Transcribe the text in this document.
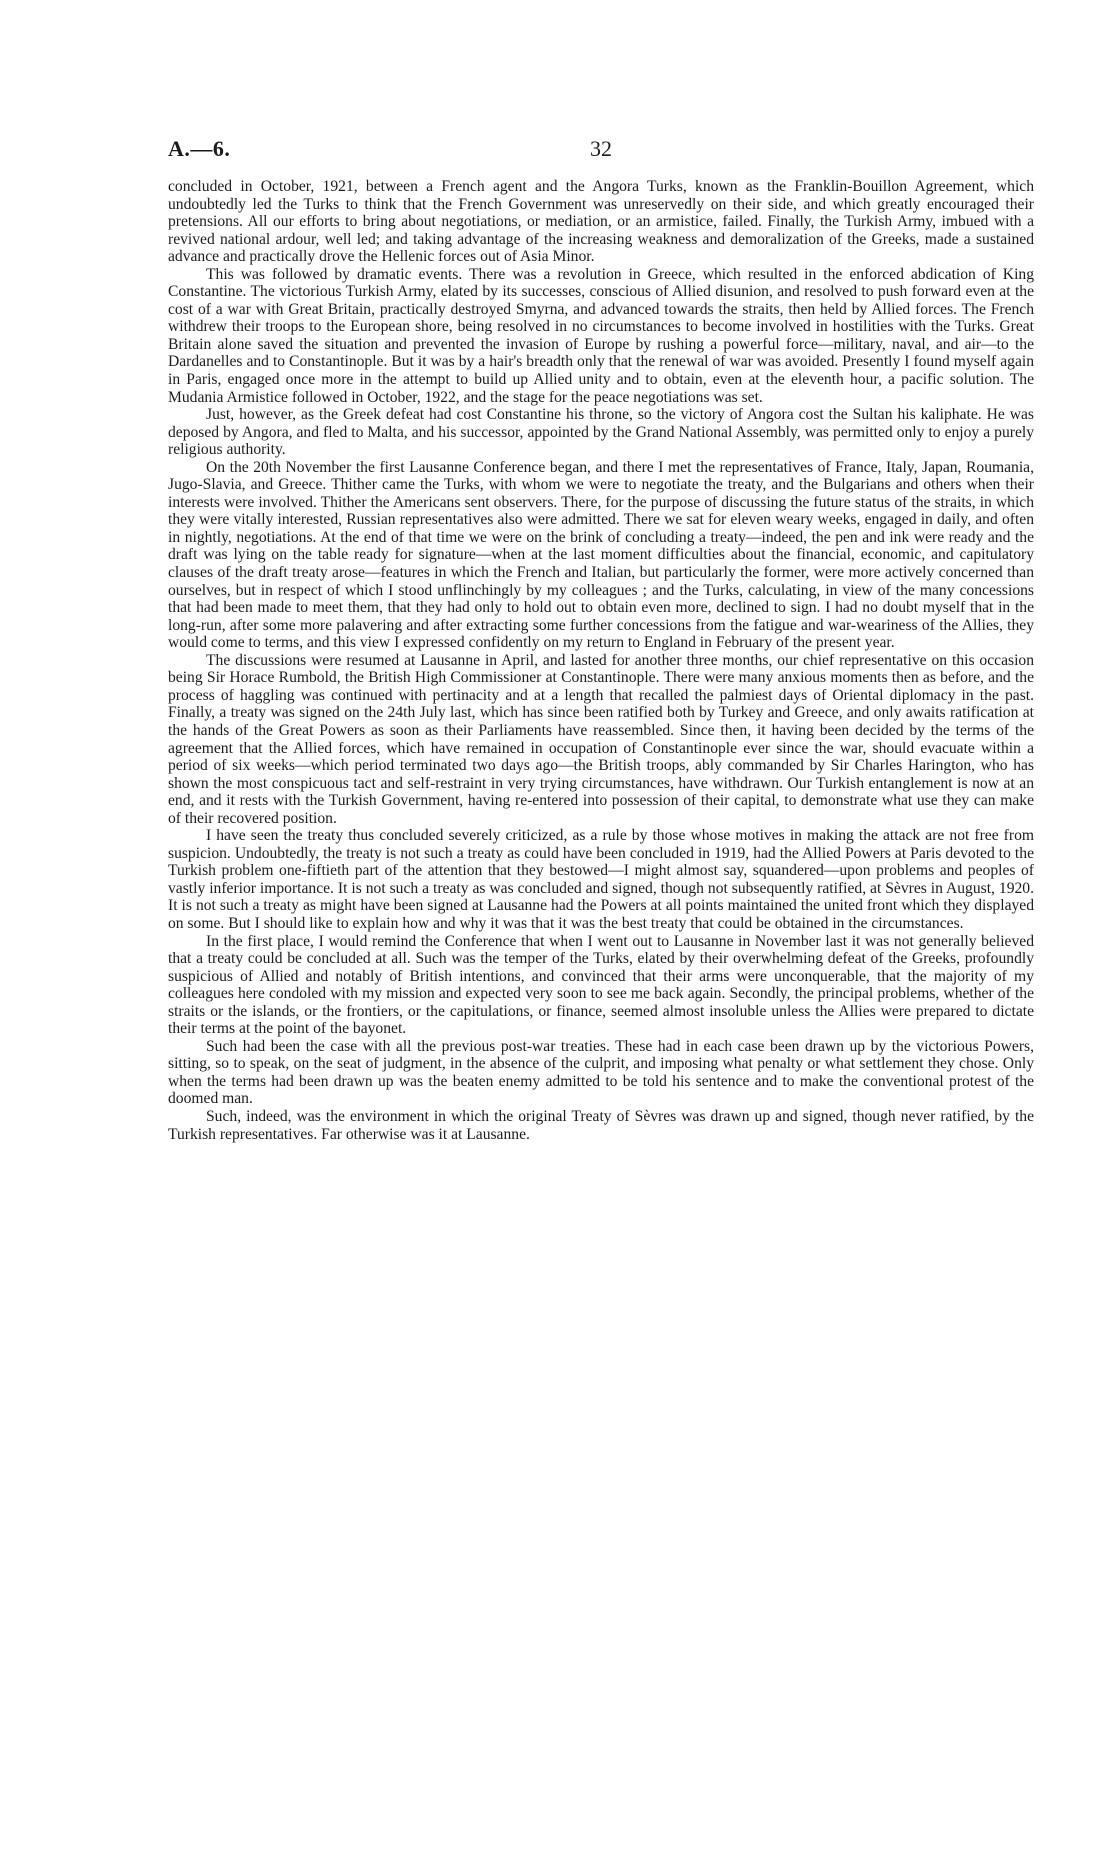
A.—6.	32

concluded in October, 1921, between a French agent and the Angora Turks, known as the Franklin-Bouillon Agreement, which undoubtedly led the Turks to think that the French Government was unreservedly on their side, and which greatly encouraged their pretensions. All our efforts to bring about negotiations, or mediation, or an armistice, failed. Finally, the Turkish Army, imbued with a revived national ardour, well led; and taking advantage of the increasing weakness and demoralization of the Greeks, made a sustained advance and practically drove the Hellenic forces out of Asia Minor.

This was followed by dramatic events. There was a revolution in Greece, which resulted in the enforced abdication of King Constantine. The victorious Turkish Army, elated by its successes, conscious of Allied disunion, and resolved to push forward even at the cost of a war with Great Britain, practically destroyed Smyrna, and advanced towards the straits, then held by Allied forces. The French withdrew their troops to the European shore, being resolved in no circumstances to become involved in hostilities with the Turks. Great Britain alone saved the situation and prevented the invasion of Europe by rushing a powerful force—military, naval, and air—to the Dardanelles and to Constantinople. But it was by a hair's breadth only that the renewal of war was avoided. Presently I found myself again in Paris, engaged once more in the attempt to build up Allied unity and to obtain, even at the eleventh hour, a pacific solution. The Mudania Armistice followed in October, 1922, and the stage for the peace negotiations was set.

Just, however, as the Greek defeat had cost Constantine his throne, so the victory of Angora cost the Sultan his kaliphate. He was deposed by Angora, and fled to Malta, and his successor, appointed by the Grand National Assembly, was permitted only to enjoy a purely religious authority.

On the 20th November the first Lausanne Conference began, and there I met the representatives of France, Italy, Japan, Roumania, Jugo-Slavia, and Greece. Thither came the Turks, with whom we were to negotiate the treaty, and the Bulgarians and others when their interests were involved. Thither the Americans sent observers. There, for the purpose of discussing the future status of the straits, in which they were vitally interested, Russian representatives also were admitted. There we sat for eleven weary weeks, engaged in daily, and often in nightly, negotiations. At the end of that time we were on the brink of concluding a treaty—indeed, the pen and ink were ready and the draft was lying on the table ready for signature—when at the last moment difficulties about the financial, economic, and capitulatory clauses of the draft treaty arose—features in which the French and Italian, but particularly the former, were more actively concerned than ourselves, but in respect of which I stood unflinchingly by my colleagues ; and the Turks, calculating, in view of the many concessions that had been made to meet them, that they had only to hold out to obtain even more, declined to sign. I had no doubt myself that in the long-run, after some more palavering and after extracting some further concessions from the fatigue and war-weariness of the Allies, they would come to terms, and this view I expressed confidently on my return to England in February of the present year.

The discussions were resumed at Lausanne in April, and lasted for another three months, our chief representative on this occasion being Sir Horace Rumbold, the British High Commissioner at Constantinople. There were many anxious moments then as before, and the process of haggling was continued with pertinacity and at a length that recalled the palmiest days of Oriental diplomacy in the past. Finally, a treaty was signed on the 24th July last, which has since been ratified both by Turkey and Greece, and only awaits ratification at the hands of the Great Powers as soon as their Parliaments have reassembled. Since then, it having been decided by the terms of the agreement that the Allied forces, which have remained in occupation of Constantinople ever since the war, should evacuate within a period of six weeks—which period terminated two days ago—the British troops, ably commanded by Sir Charles Harington, who has shown the most conspicuous tact and self-restraint in very trying circumstances, have withdrawn. Our Turkish entanglement is now at an end, and it rests with the Turkish Government, having re-entered into possession of their capital, to demonstrate what use they can make of their recovered position.

I have seen the treaty thus concluded severely criticized, as a rule by those whose motives in making the attack are not free from suspicion. Undoubtedly, the treaty is not such a treaty as could have been concluded in 1919, had the Allied Powers at Paris devoted to the Turkish problem one-fiftieth part of the attention that they bestowed—I might almost say, squandered—upon problems and peoples of vastly inferior importance. It is not such a treaty as was concluded and signed, though not subsequently ratified, at Sèvres in August, 1920. It is not such a treaty as might have been signed at Lausanne had the Powers at all points maintained the united front which they displayed on some. But I should like to explain how and why it was that it was the best treaty that could be obtained in the circumstances.

In the first place, I would remind the Conference that when I went out to Lausanne in November last it was not generally believed that a treaty could be concluded at all. Such was the temper of the Turks, elated by their overwhelming defeat of the Greeks, profoundly suspicious of Allied and notably of British intentions, and convinced that their arms were unconquerable, that the majority of my colleagues here condoled with my mission and expected very soon to see me back again. Secondly, the principal problems, whether of the straits or the islands, or the frontiers, or the capitulations, or finance, seemed almost insoluble unless the Allies were prepared to dictate their terms at the point of the bayonet.

Such had been the case with all the previous post-war treaties. These had in each case been drawn up by the victorious Powers, sitting, so to speak, on the seat of judgment, in the absence of the culprit, and imposing what penalty or what settlement they chose. Only when the terms had been drawn up was the beaten enemy admitted to be told his sentence and to make the conventional protest of the doomed man.

Such, indeed, was the environment in which the original Treaty of Sèvres was drawn up and signed, though never ratified, by the Turkish representatives. Far otherwise was it at Lausanne.
